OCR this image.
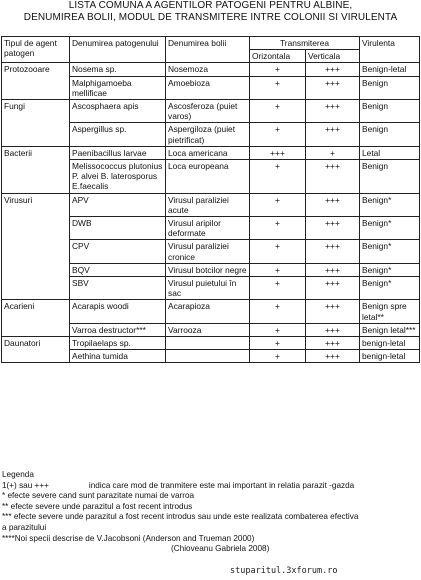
LISTA COMUNA A AGENTILOR PATOGENI PENTRU ALBINE,
DENUMIREA BOLII, MODUL DE TRANSMITERE INTRE COLONII SI VIRULENTA
Tipul de agent patogen	Denumirea patogenului	Denumirea bolii	Transmiterea		Virulenta
			Orizontala	Verticala	
Protozooare	Nosema sp.	Nosemoza	+	+++	Benign-letal
	Malphigamoeba mellificae	Amoebioza	+	+++	Benign
Fungi	Ascosphaera apis	Ascosferoza (puiet varos)	+	+++	Benign
	Aspergillus sp.	Aspergiloza (puiet pietrificat)	+	+++	Benign
Bacterii	Paenibacillus larvae	Loca americana	+++	+	Letal
	Melissococcus plutonius P. alvei B. laterosporus E.faecalis	Loca europeana	+	+++	Benign
Virusuri	APV	Virusul paraliziei acute	+	+++	Benign*
	DWB	Virusul aripilor deformate	+	+++	Benign*
	CPV	Virusul paraliziei cronice	+	+++	Benign*
	BQV	Virusul botcilor negre	+	+++	Benign*
	SBV	Virusul puietului în sac	+	+++	Benign*
Acarieni	Acarapis woodi	Acarapioza	+	+++	Benign spre letal**
	Varroa destructor***	Varrooza	+	+++	Benign letal***
Daunatori	Tropilaelaps sp.		+	+++	benign-letal
	Aethina tumida		+	+++	benign-letal
Legenda
1(+) sau +++	indica care mod de tranmitere este mai important in relatia parazit -gazda
* efecte severe cand sunt parazitate numai de varroa
** efecte severe unde parazitul a fost recent introdus
*** efecte severe unde parazitul a fost recent introdus sau unde este realizata combaterea efectiva
a parazitului
****Noi specii descrise de V.Jacobsoni (Anderson and Trueman 2000)
(Chioveanu Gabriela 2008)
stuparitul.3xforum.ro
